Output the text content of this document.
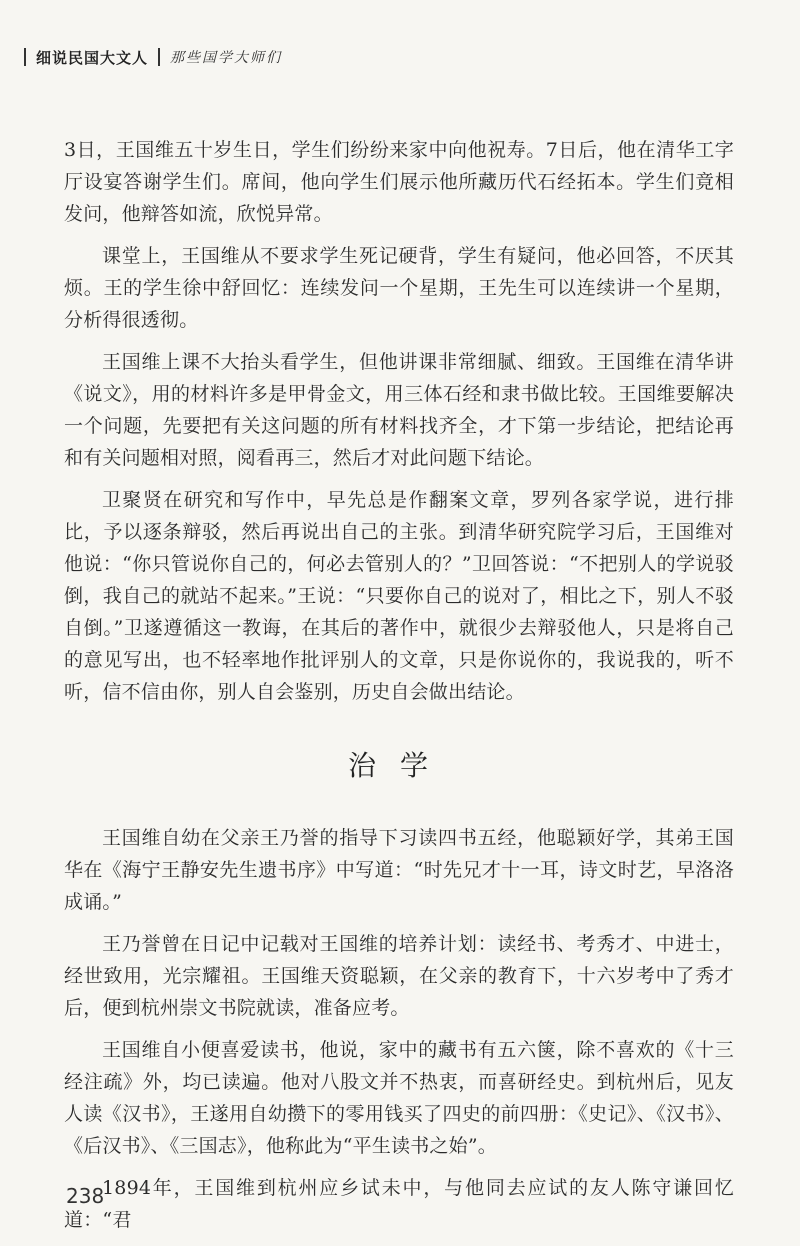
细说民国大文人 那些国学大师们

3日，王国维五十岁生日，学生们纷纷来家中向他祝寿。7日后，他在清华工字厅设宴答谢学生们。席间，他向学生们展示他所藏历代石经拓本。学生们竟相发问，他辩答如流，欣悦异常。

课堂上，王国维从不要求学生死记硬背，学生有疑问，他必回答，不厌其烦。王的学生徐中舒回忆：连续发问一个星期，王先生可以连续讲一个星期，分析得很透彻。

王国维上课不大抬头看学生，但他讲课非常细腻、细致。王国维在清华讲《说文》，用的材料许多是甲骨金文，用三体石经和隶书做比较。王国维要解决一个问题，先要把有关这问题的所有材料找齐全，才下第一步结论，把结论再和有关问题相对照，阅看再三，然后才对此问题下结论。

卫聚贤在研究和写作中，早先总是作翻案文章，罗列各家学说，进行排比，予以逐条辩驳，然后再说出自己的主张。到清华研究院学习后，王国维对他说：“你只管说你自己的，何必去管别人的？”卫回答说：“不把别人的学说驳倒，我自己的就站不起来。”王说：“只要你自己的说对了，相比之下，别人不驳自倒。”卫遂遵循这一教诲，在其后的著作中，就很少去辩驳他人，只是将自己的意见写出，也不轻率地作批评别人的文章，只是你说你的，我说我的，听不听，信不信由你，别人自会鉴别，历史自会做出结论。

治学

王国维自幼在父亲王乃誉的指导下习读四书五经，他聪颖好学，其弟王国华在《海宁王静安先生遗书序》中写道：“时先兄才十一耳，诗文时艺，早洛洛成诵。”

王乃誉曾在日记中记载对王国维的培养计划：读经书、考秀才、中进士，经世致用，光宗耀祖。王国维天资聪颖，在父亲的教育下，十六岁考中了秀才后，便到杭州崇文书院就读，准备应考。

王国维自小便喜爱读书，他说，家中的藏书有五六箧，除不喜欢的《十三经注疏》外，均已读遍。他对八股文并不热衷，而喜研经史。到杭州后，见友人读《汉书》，王遂用自幼攒下的零用钱买了四史的前四册：《史记》、《汉书》、《后汉书》、《三国志》，他称此为“平生读书之始”。

1894年，王国维到杭州应乡试未中，与他同去应试的友人陈守谦回忆道：“君

238
